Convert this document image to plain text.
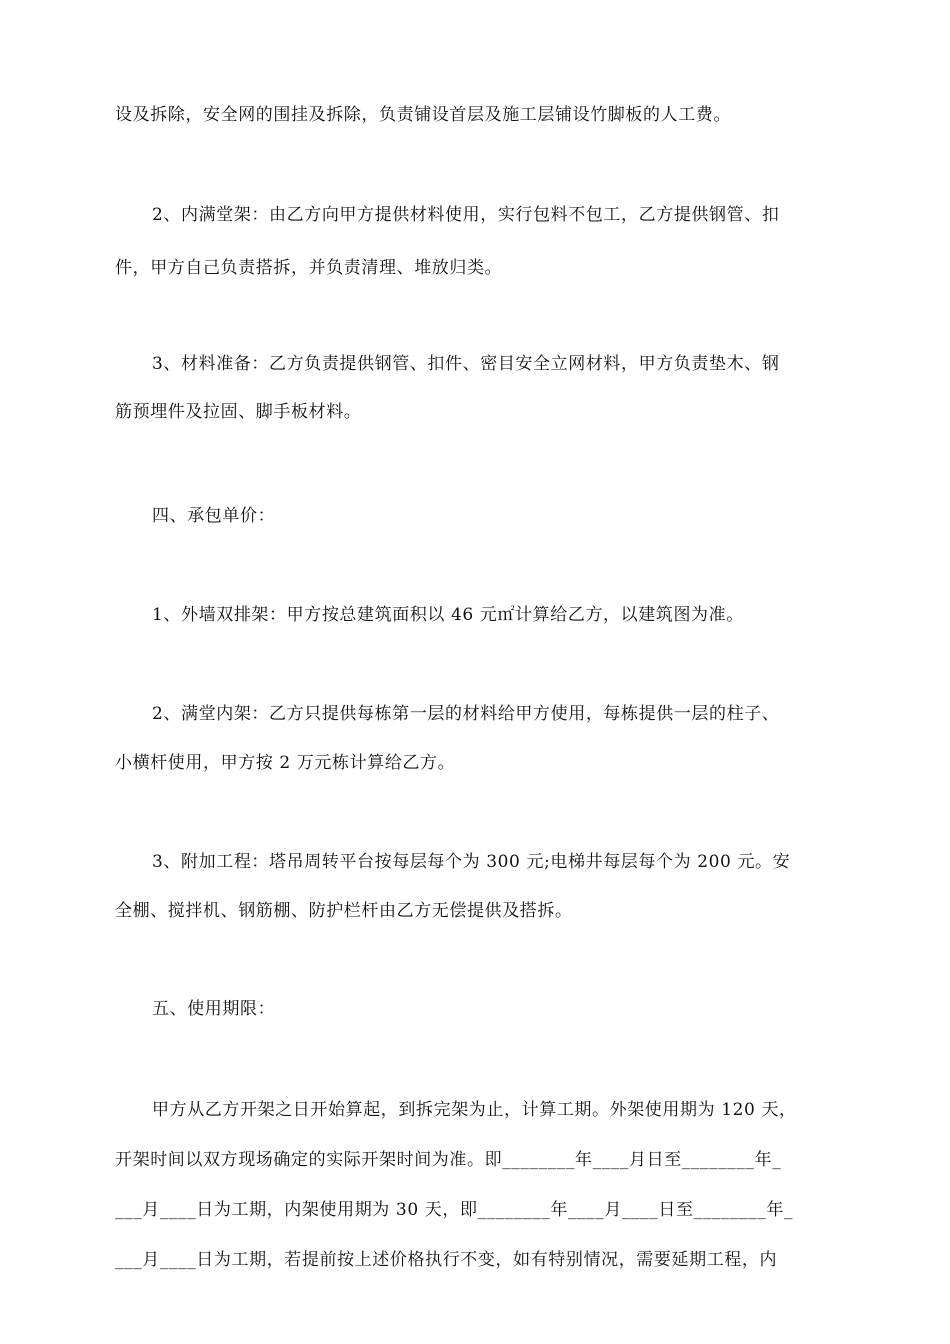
设及拆除，安全网的围挂及拆除，负责铺设首层及施工层铺设竹脚板的人工费。
2、内满堂架：由乙方向甲方提供材料使用，实行包料不包工，乙方提供钢管、扣
件，甲方自己负责搭拆，并负责清理、堆放归类。
3、材料准备：乙方负责提供钢管、扣件、密目安全立网材料，甲方负责垫木、钢
筋预埋件及拉固、脚手板材料。
四、承包单价：
1、外墙双排架：甲方按总建筑面积以 46 元㎡计算给乙方，以建筑图为准。
2、满堂内架：乙方只提供每栋第一层的材料给甲方使用，每栋提供一层的柱子、
小横杆使用，甲方按 2 万元栋计算给乙方。
3、附加工程：塔吊周转平台按每层每个为 300 元;电梯井每层每个为 200 元。安
全棚、搅拌机、钢筋棚、防护栏杆由乙方无偿提供及搭拆。
五、使用期限：
甲方从乙方开架之日开始算起，到拆完架为止，计算工期。外架使用期为 120 天，
开架时间以双方现场确定的实际开架时间为准。即________年____月日至________年_
___月____日为工期，内架使用期为 30 天，即________年____月____日至________年_
___月____日为工期，若提前按上述价格执行不变，如有特别情况，需要延期工程，内
